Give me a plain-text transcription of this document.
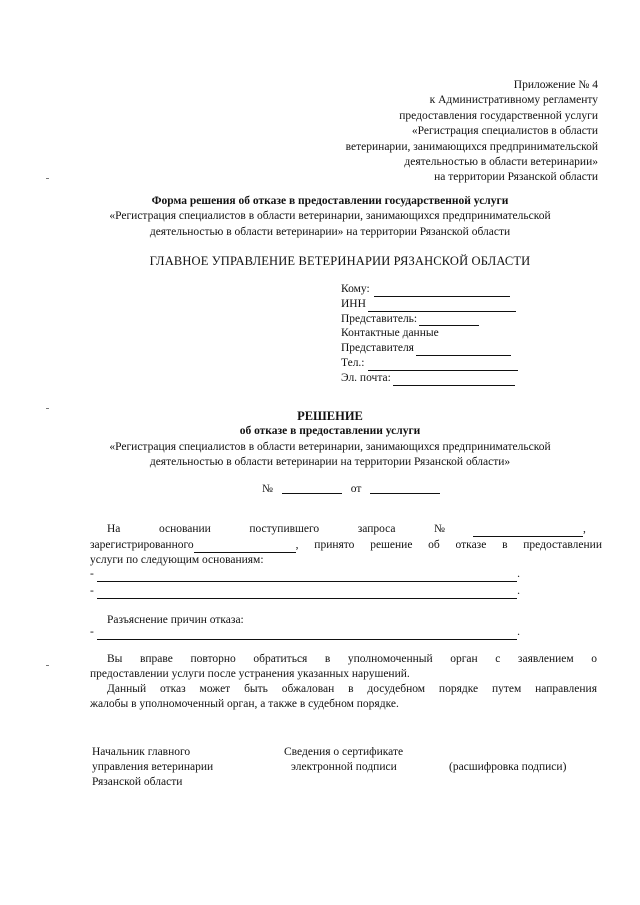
Приложение № 4
к Административному регламенту
предоставления государственной услуги
«Регистрация специалистов в области
ветеринарии, занимающихся предпринимательской
деятельностью в области ветеринарии»
на территории Рязанской области
Форма решения об отказе в предоставлении государственной услуги
«Регистрация специалистов в области ветеринарии, занимающихся предпринимательской
деятельностью в области ветеринарии» на территории Рязанской области
ГЛАВНОЕ УПРАВЛЕНИЕ ВЕТЕРИНАРИИ РЯЗАНСКОЙ ОБЛАСТИ
Кому:
ИНН
Представитель:
Контактные данные
Представителя
Тел.:
Эл. почта:
РЕШЕНИЕ
об отказе в предоставлении услуги
«Регистрация специалистов в области ветеринарии, занимающихся предпринимательской
деятельностью в области ветеринарии на территории Рязанской области»
№	от
На основании поступившего запроса №	,
зарегистрированного	, принято решение об отказе в предоставлении
услуги по следующим основаниям:
-	.
-	.
Разъяснение причин отказа:
-	.
Вы вправе повторно обратиться в уполномоченный орган с заявлением о
предоставлении услуги после устранения указанных нарушений.
Данный отказ может быть обжалован в досудебном порядке путем направления
жалобы в уполномоченный орган, а также в судебном порядке.
Начальник главного
управления ветеринарии
Рязанской области
Сведения о сертификате
электронной подписи	(расшифровка подписи)
